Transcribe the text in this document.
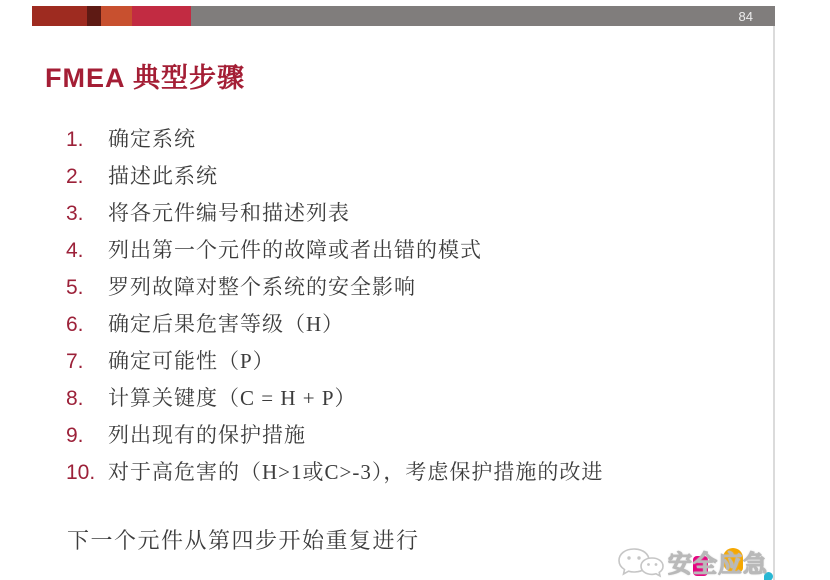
84
FMEA 典型步骤
1.	确定系统
2.	描述此系统
3.	将各元件编号和描述列表
4.	列出第一个元件的故障或者出错的模式
5.	罗列故障对整个系统的安全影响
6.	确定后果危害等级（H）
7.	确定可能性（P）
8.	计算关键度（C = H + P）
9.	列出现有的保护措施
10. 对于高危害的（H>1或C>-3），考虑保护措施的改进

下一个元件从第四步开始重复进行

安全应急
